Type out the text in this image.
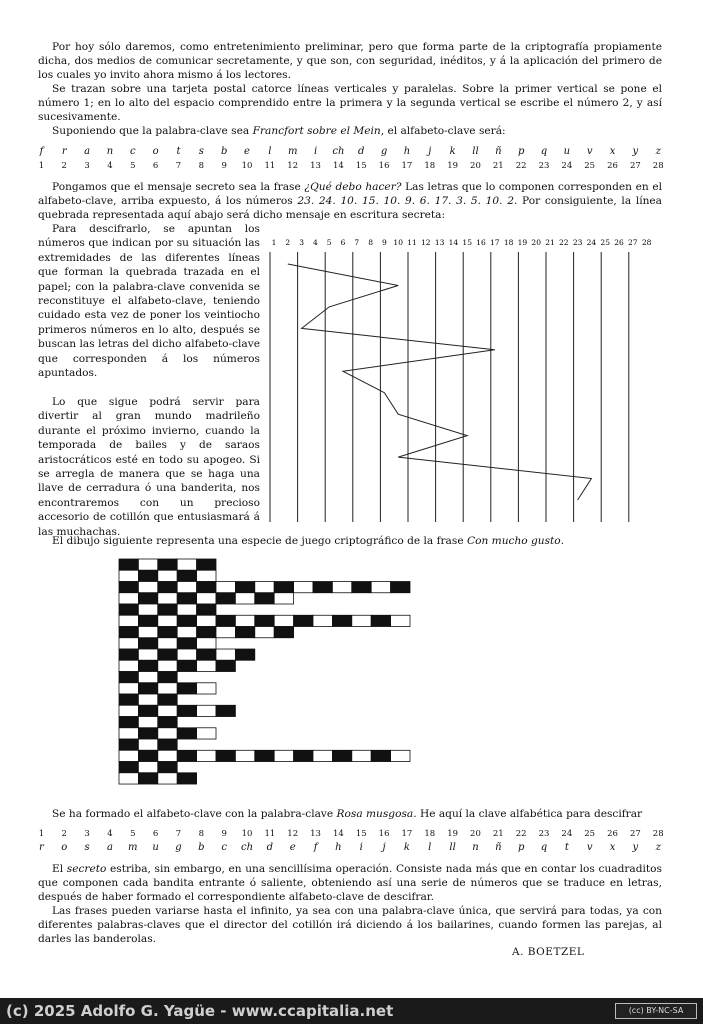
Por hoy sólo daremos, como entretenimiento preliminar, pero que forma parte de la criptografía propiamente dicha, dos medios de comunicar secretamente, y que son, con seguridad, inéditos, y á la aplicación del primero de los cuales yo invito ahora mismo á los lectores.

Se trazan sobre una tarjeta postal catorce líneas verticales y paralelas. Sobre la primer vertical se pone el número 1; en lo alto del espacio comprendido entre la primera y la segunda vertical se escribe el número 2, y así sucesivamente.

Suponiendo que la palabra-clave sea Francfort sobre el Mein, el alfabeto-clave será:

f	r	a	n	c	o	t	s	b	e	l	m	i	ch	d	g	h	j	k	ll	ñ	p	q	u	v	x	y	z
1	2	3	4	5	6	7	8	9	10	11	12	13	14	15	16	17	18	19	20	21	22	23	24	25	26	27	28

Pongamos que el mensaje secreto sea la frase ¿Qué debo hacer? Las letras que lo componen corresponden en el alfabeto-clave, arriba expuesto, á los números 23. 24. 10. 15. 10. 9. 6. 17. 3. 5. 10. 2. Por consiguiente, la línea quebrada representada aquí abajo será dicho mensaje en escritura secreta:

Para descifrarlo, se apuntan los números que indican por su situación las extremidades de las diferentes líneas que forman la quebrada trazada en el papel; con la palabra-clave convenida se reconstituye el alfabeto-clave, teniendo cuidado esta vez de poner los veintiocho primeros números en lo alto, después se buscan las letras del dicho alfabeto-clave que corresponden á los números apuntados.

Lo que sigue podrá servir para divertir al gran mundo madrileño durante el próximo invierno, cuando la temporada de bailes y de saraos aristocráticos esté en todo su apogeo. Si se arregla de manera que se haga una llave de cerradura ó una banderita, nos encontraremos con un precioso accesorio de cotillón que entusiasmará á las muchachas.

1 2 3 4 5 6 7 8 9 10 11 12 13 14 15 16 17 18 19 20 21 22 23 24 25 26 27 28

El dibujo siguiente representa una especie de juego criptográfico de la frase Con mucho gusto.

Se ha formado el alfabeto-clave con la palabra-clave Rosa musgosa. He aquí la clave alfabética para descifrar

1	2	3	4	5	6	7	8	9	10	11	12	13	14	15	16	17	18	19	20	21	22	23	24	25	26	27	28
r	o	s	a	m	u	g	b	c	ch	d	e	f	h	i	j	k	l	ll	n	ñ	p	q	t	v	x	y	z

El secreto estriba, sin embargo, en una sencillísima operación. Consiste nada más que en contar los cuadraditos que componen cada bandita entrante ó saliente, obteniendo así una serie de números que se traduce en letras, después de haber formado el correspondiente alfabeto-clave de descifrar.

Las frases pueden variarse hasta el infinito, ya sea con una palabra-clave única, que servirá para todas, ya con diferentes palabras-claves que el director del cotillón irá diciendo á los bailarines, cuando formen las parejas, al darles las banderolas.

A. BOETZEL
(c) 2025 Adolfo G. Yagüe - www.ccapitalia.net	(cc) BY-NC-SA
